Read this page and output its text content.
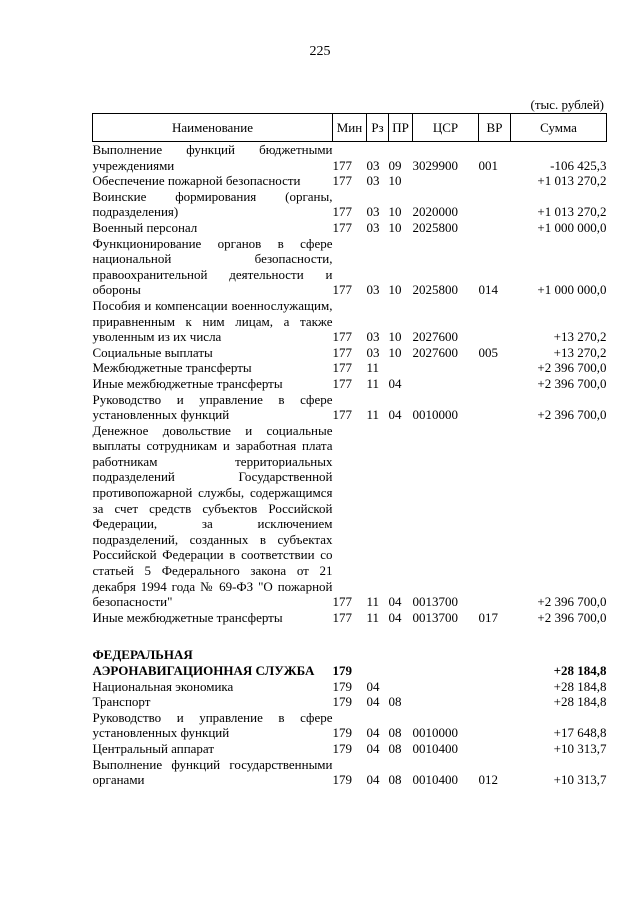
225
(тыс. рублей)
Наименование	Мин	Рз	ПР	ЦСР	ВР	Сумма

Выполнение функций бюджетными учреждениями	177	03	09	3029900	001	-106 425,3

Обеспечение пожарной безопасности	177	03	10			+1 013 270,2

Воинские формирования (органы, подразделения)	177	03	10	2020000		+1 013 270,2

Военный персонал	177	03	10	2025800		+1 000 000,0

Функционирование органов в сфере национальной безопасности, правоохранительной деятельности и обороны	177	03	10	2025800	014	+1 000 000,0

Пособия и компенсации военнослужащим, приравненным к ним лицам, а также уволенным из их числа	177	03	10	2027600		+13 270,2

Социальные выплаты	177	03	10	2027600	005	+13 270,2

Межбюджетные трансферты	177	11				+2 396 700,0

Иные межбюджетные трансферты	177	11	04			+2 396 700,0

Руководство и управление в сфере установленных функций	177	11	04	0010000		+2 396 700,0

Денежное довольствие и социальные выплаты сотрудникам и заработная плата работникам территориальных подразделений Государственной противопожарной службы, содержащимся за счет средств субъектов Российской Федерации, за исключением подразделений, созданных в субъектах Российской Федерации в соответствии со статьей 5 Федерального закона от 21 декабря 1994 года № 69-ФЗ "О пожарной безопасности"	177	11	04	0013700		+2 396 700,0

Иные межбюджетные трансферты	177	11	04	0013700	017	+2 396 700,0

ФЕДЕРАЛЬНАЯ АЭРОНАВИГАЦИОННАЯ СЛУЖБА	179					+28 184,8

Национальная экономика	179	04				+28 184,8

Транспорт	179	04	08			+28 184,8

Руководство и управление в сфере установленных функций	179	04	08	0010000		+17 648,8

Центральный аппарат	179	04	08	0010400		+10 313,7

Выполнение функций государственными органами	179	04	08	0010400	012	+10 313,7
